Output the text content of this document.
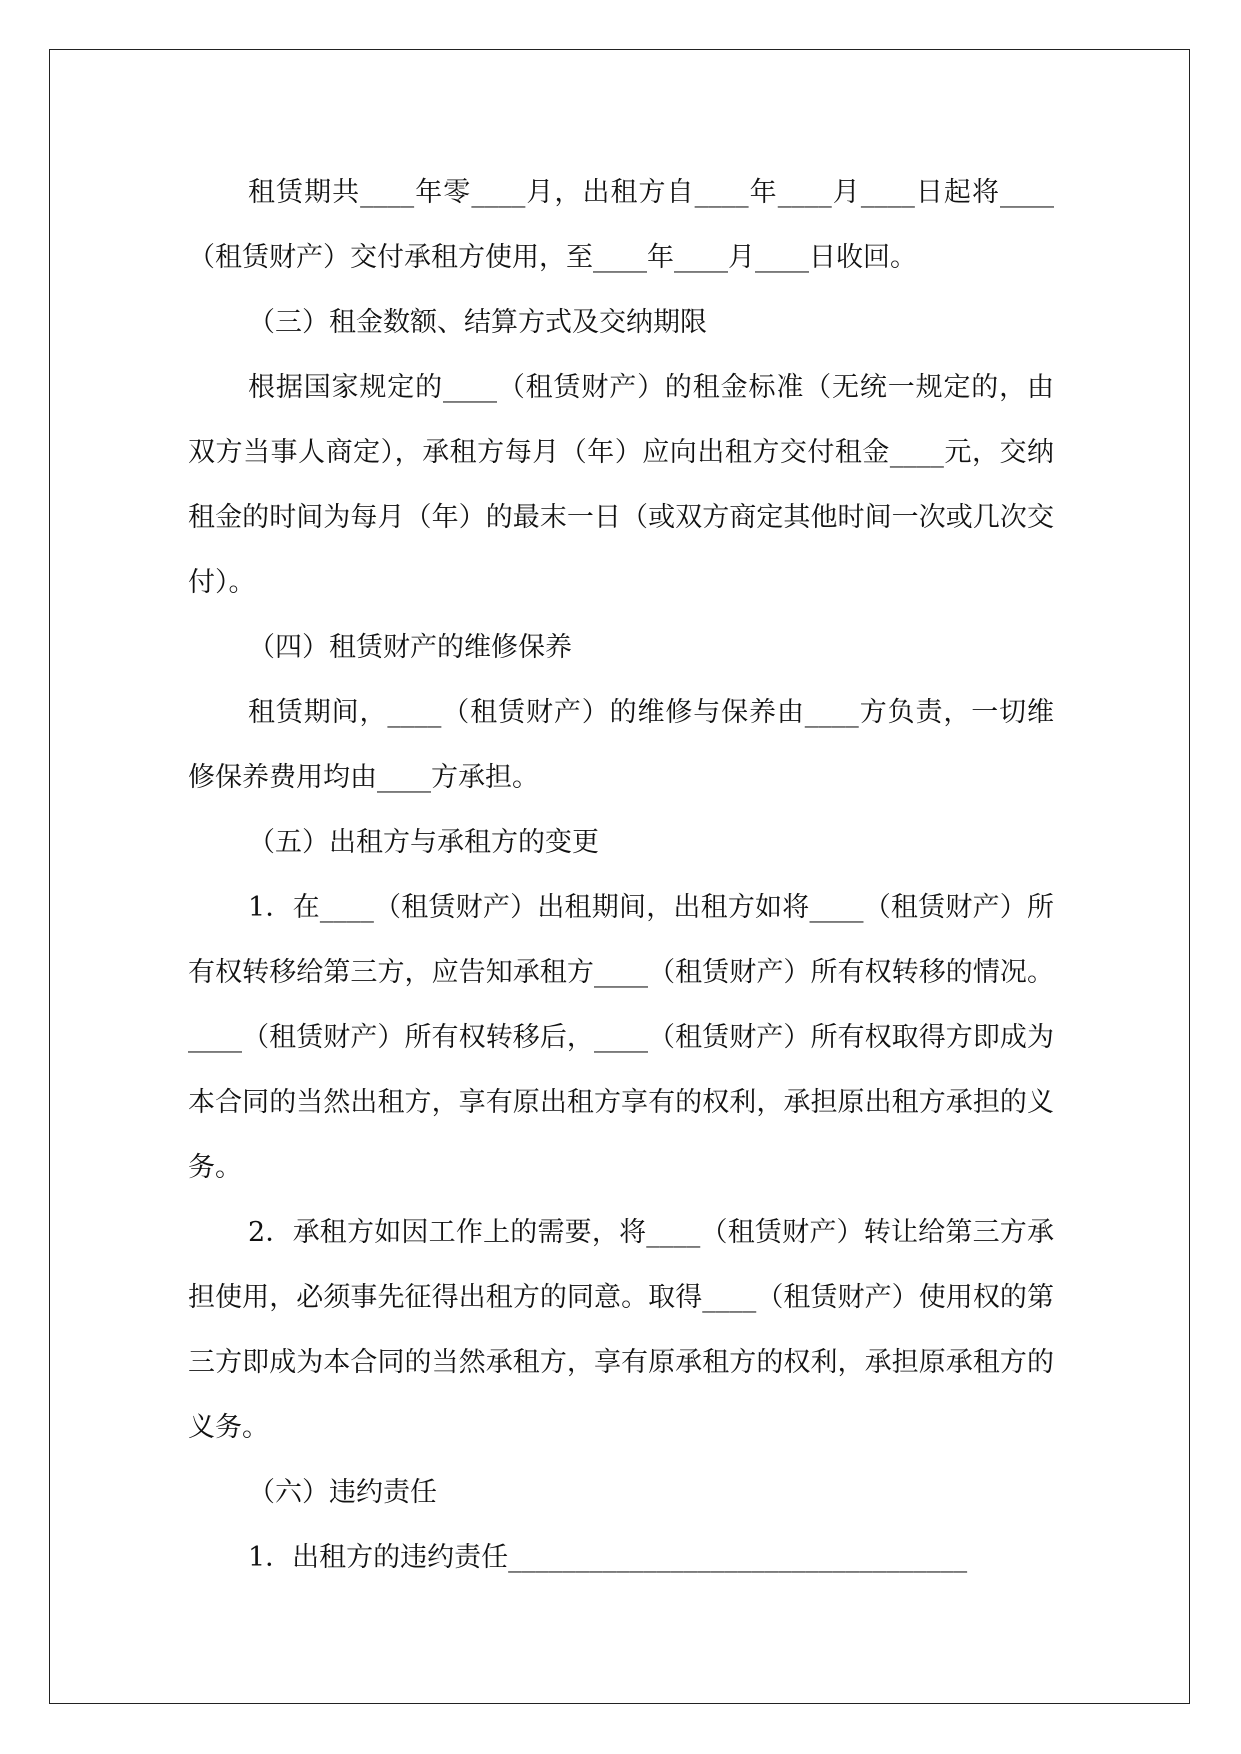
租赁期共____年零____月，出租方自____年____月____日起将____（租赁财产）交付承租方使用，至____年____月____日收回。

（三）租金数额、结算方式及交纳期限

根据国家规定的____（租赁财产）的租金标准（无统一规定的，由双方当事人商定），承租方每月（年）应向出租方交付租金____元，交纳租金的时间为每月（年）的最末一日（或双方商定其他时间一次或几次交付）。

（四）租赁财产的维修保养

租赁期间，____（租赁财产）的维修与保养由____方负责，一切维修保养费用均由____方承担。

（五）出租方与承租方的变更

1．在____（租赁财产）出租期间，出租方如将____（租赁财产）所有权转移给第三方，应告知承租方____（租赁财产）所有权转移的情况。____（租赁财产）所有权转移后，____（租赁财产）所有权取得方即成为本合同的当然出租方，享有原出租方享有的权利，承担原出租方承担的义务。

2．承租方如因工作上的需要，将____（租赁财产）转让给第三方承担使用，必须事先征得出租方的同意。取得____（租赁财产）使用权的第三方即成为本合同的当然承租方，享有原承租方的权利，承担原承租方的义务。

（六）违约责任

1．出租方的违约责任__________________________________
